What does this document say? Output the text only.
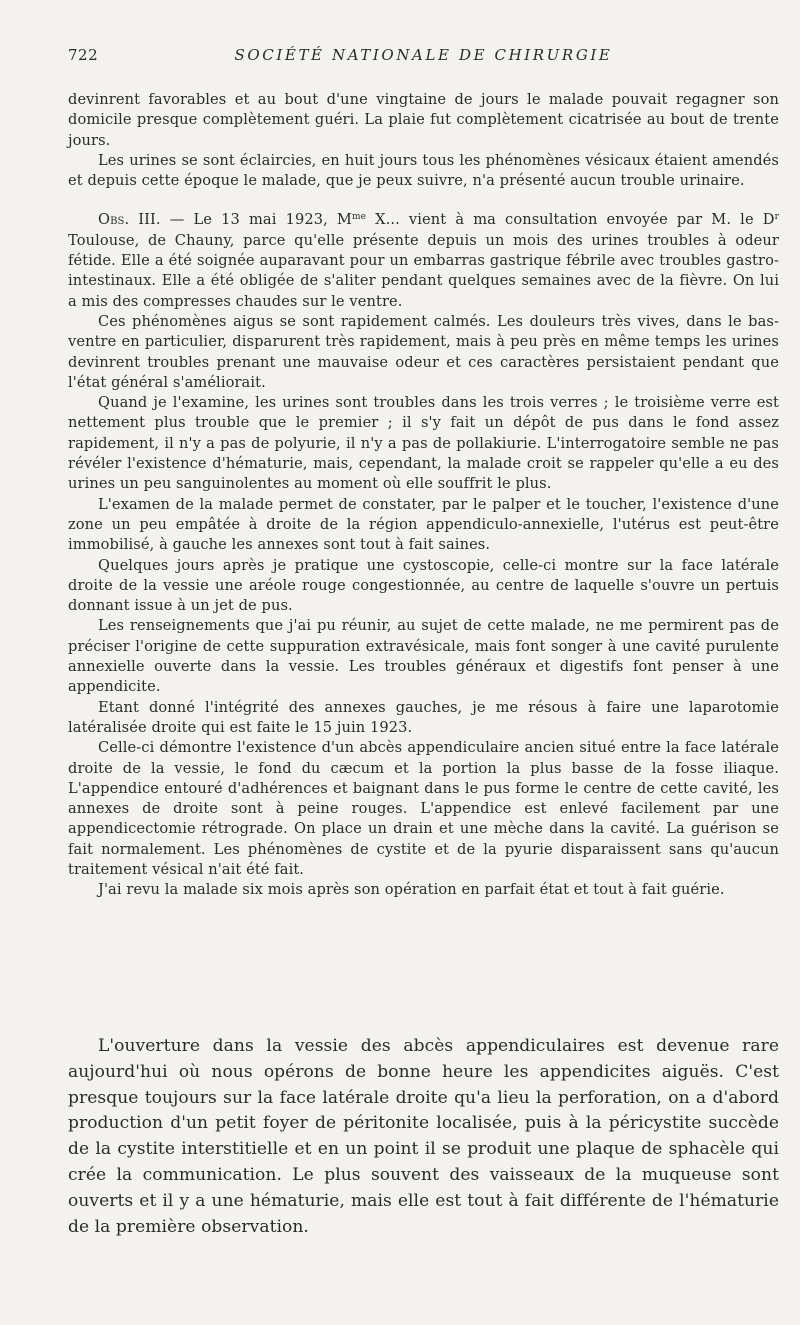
722	SOCIÉTÉ NATIONALE DE CHIRURGIE

devinrent favorables et au bout d'une vingtaine de jours le malade pouvait regagner son domicile presque complètement guéri. La plaie fut complètement cicatrisée au bout de trente jours.

Les urines se sont éclaircies, en huit jours tous les phénomènes vésicaux étaient amendés et depuis cette époque le malade, que je peux suivre, n'a présenté aucun trouble urinaire.

Obs. III. — Le 13 mai 1923, $M^{me}$ X... vient à ma consultation envoyée par M. le $D^r$ Toulouse, de Chauny, parce qu'elle présente depuis un mois des urines troubles à odeur fétide. Elle a été soignée auparavant pour un embarras gastrique fébrile avec troubles gastro-intestinaux. Elle a été obligée de s'aliter pendant quelques semaines avec de la fièvre. On lui a mis des compresses chaudes sur le ventre.

Ces phénomènes aigus se sont rapidement calmés. Les douleurs très vives, dans le bas-ventre en particulier, disparurent très rapidement, mais à peu près en même temps les urines devinrent troubles prenant une mauvaise odeur et ces caractères persistaient pendant que l'état général s'améliorait.

Quand je l'examine, les urines sont troubles dans les trois verres ; le troisième verre est nettement plus trouble que le premier ; il s'y fait un dépôt de pus dans le fond assez rapidement, il n'y a pas de polyurie, il n'y a pas de pollakiurie. L'interrogatoire semble ne pas révéler l'existence d'hématurie, mais, cependant, la malade croit se rappeler qu'elle a eu des urines un peu sanguinolentes au moment où elle souffrit le plus.

L'examen de la malade permet de constater, par le palper et le toucher, l'existence d'une zone un peu empâtée à droite de la région appendiculo-annexielle, l'utérus est peut-être immobilisé, à gauche les annexes sont tout à fait saines.

Quelques jours après je pratique une cystoscopie, celle-ci montre sur la face latérale droite de la vessie une aréole rouge congestionnée, au centre de laquelle s'ouvre un pertuis donnant issue à un jet de pus.

Les renseignements que j'ai pu réunir, au sujet de cette malade, ne me permirent pas de préciser l'origine de cette suppuration extravésicale, mais font songer à une cavité purulente annexielle ouverte dans la vessie. Les troubles généraux et digestifs font penser à une appendicite.

Etant donné l'intégrité des annexes gauches, je me résous à faire une laparotomie latéralisée droite qui est faite le 15 juin 1923.

Celle-ci démontre l'existence d'un abcès appendiculaire ancien situé entre la face latérale droite de la vessie, le fond du cæcum et la portion la plus basse de la fosse iliaque. L'appendice entouré d'adhérences et baignant dans le pus forme le centre de cette cavité, les annexes de droite sont à peine rouges. L'appendice est enlevé facilement par une appendicectomie rétrograde. On place un drain et une mèche dans la cavité. La guérison se fait normalement. Les phénomènes de cystite et de la pyurie disparaissent sans qu'aucun traitement vésical n'ait été fait.

J'ai revu la malade six mois après son opération en parfait état et tout à fait guérie.

L'ouverture dans la vessie des abcès appendiculaires est devenue rare aujourd'hui où nous opérons de bonne heure les appendicites aiguës. C'est presque toujours sur la face latérale droite qu'a lieu la perforation, on a d'abord production d'un petit foyer de péritonite localisée, puis à la péricystite succède de la cystite interstitielle et en un point il se produit une plaque de sphacèle qui crée la communication. Le plus souvent des vaisseaux de la muqueuse sont ouverts et il y a une hématurie, mais elle est tout à fait différente de l'hématurie de la première observation.
